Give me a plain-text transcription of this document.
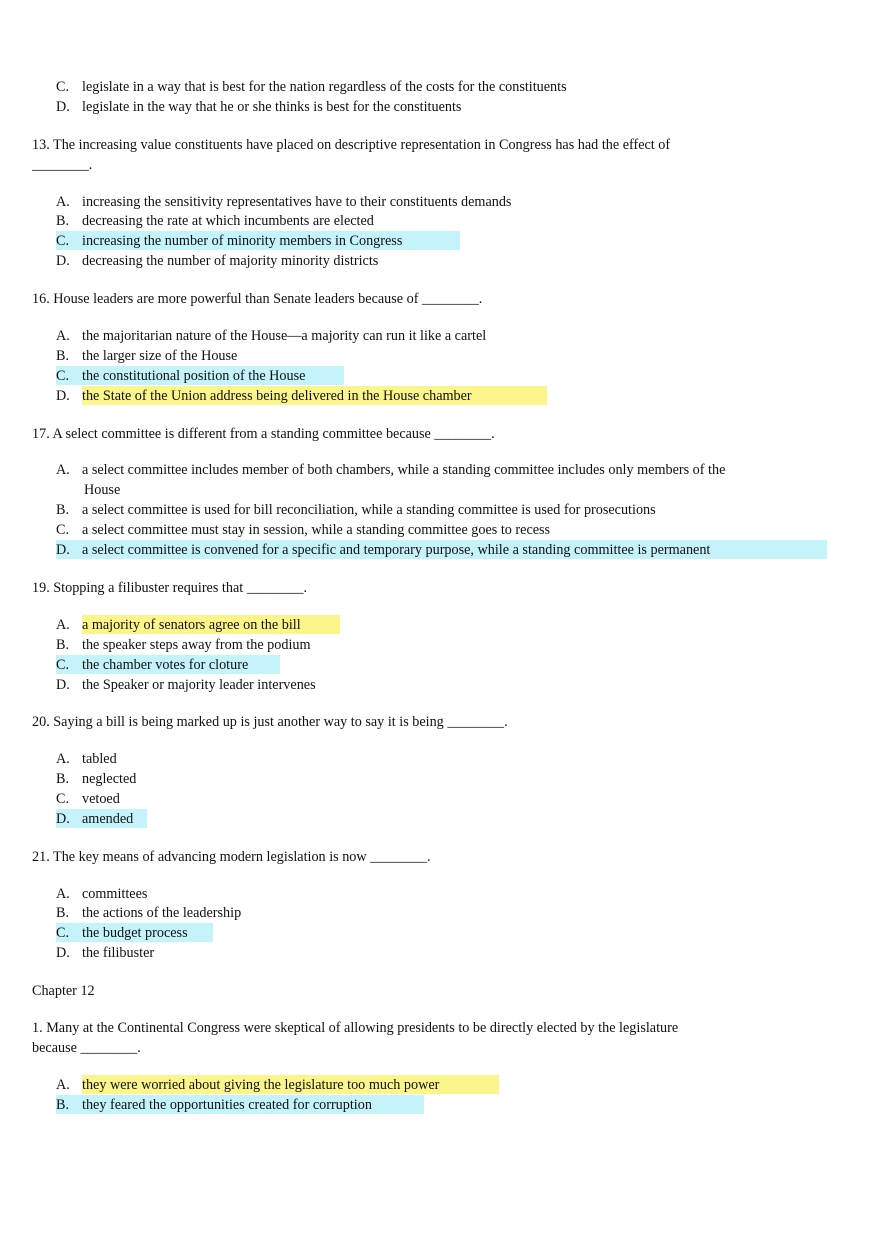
C. legislate in a way that is best for the nation regardless of the costs for the constituents
D. legislate in the way that he or she thinks is best for the constituents
13. The increasing value constituents have placed on descriptive representation in Congress has had the effect of
________.
A. increasing the sensitivity representatives have to their constituents demands
B. decreasing the rate at which incumbents are elected
C. increasing the number of minority members in Congress
D. decreasing the number of majority minority districts
16. House leaders are more powerful than Senate leaders because of ________.
A. the majoritarian nature of the House—a majority can run it like a cartel
B. the larger size of the House
C. the constitutional position of the House
D. the State of the Union address being delivered in the House chamber
17. A select committee is different from a standing committee because ________.
A. a select committee includes member of both chambers, while a standing committee includes only members of the
House
B. a select committee is used for bill reconciliation, while a standing committee is used for prosecutions
C. a select committee must stay in session, while a standing committee goes to recess
D. a select committee is convened for a specific and temporary purpose, while a standing committee is permanent
19. Stopping a filibuster requires that ________.
A. a majority of senators agree on the bill
B. the speaker steps away from the podium
C. the chamber votes for cloture
D. the Speaker or majority leader intervenes
20. Saying a bill is being marked up is just another way to say it is being ________.
A. tabled
B. neglected
C. vetoed
D. amended
21. The key means of advancing modern legislation is now ________.
A. committees
B. the actions of the leadership
C. the budget process
D. the filibuster
Chapter 12
1. Many at the Continental Congress were skeptical of allowing presidents to be directly elected by the legislature
because ________.
A. they were worried about giving the legislature too much power
B. they feared the opportunities created for corruption
